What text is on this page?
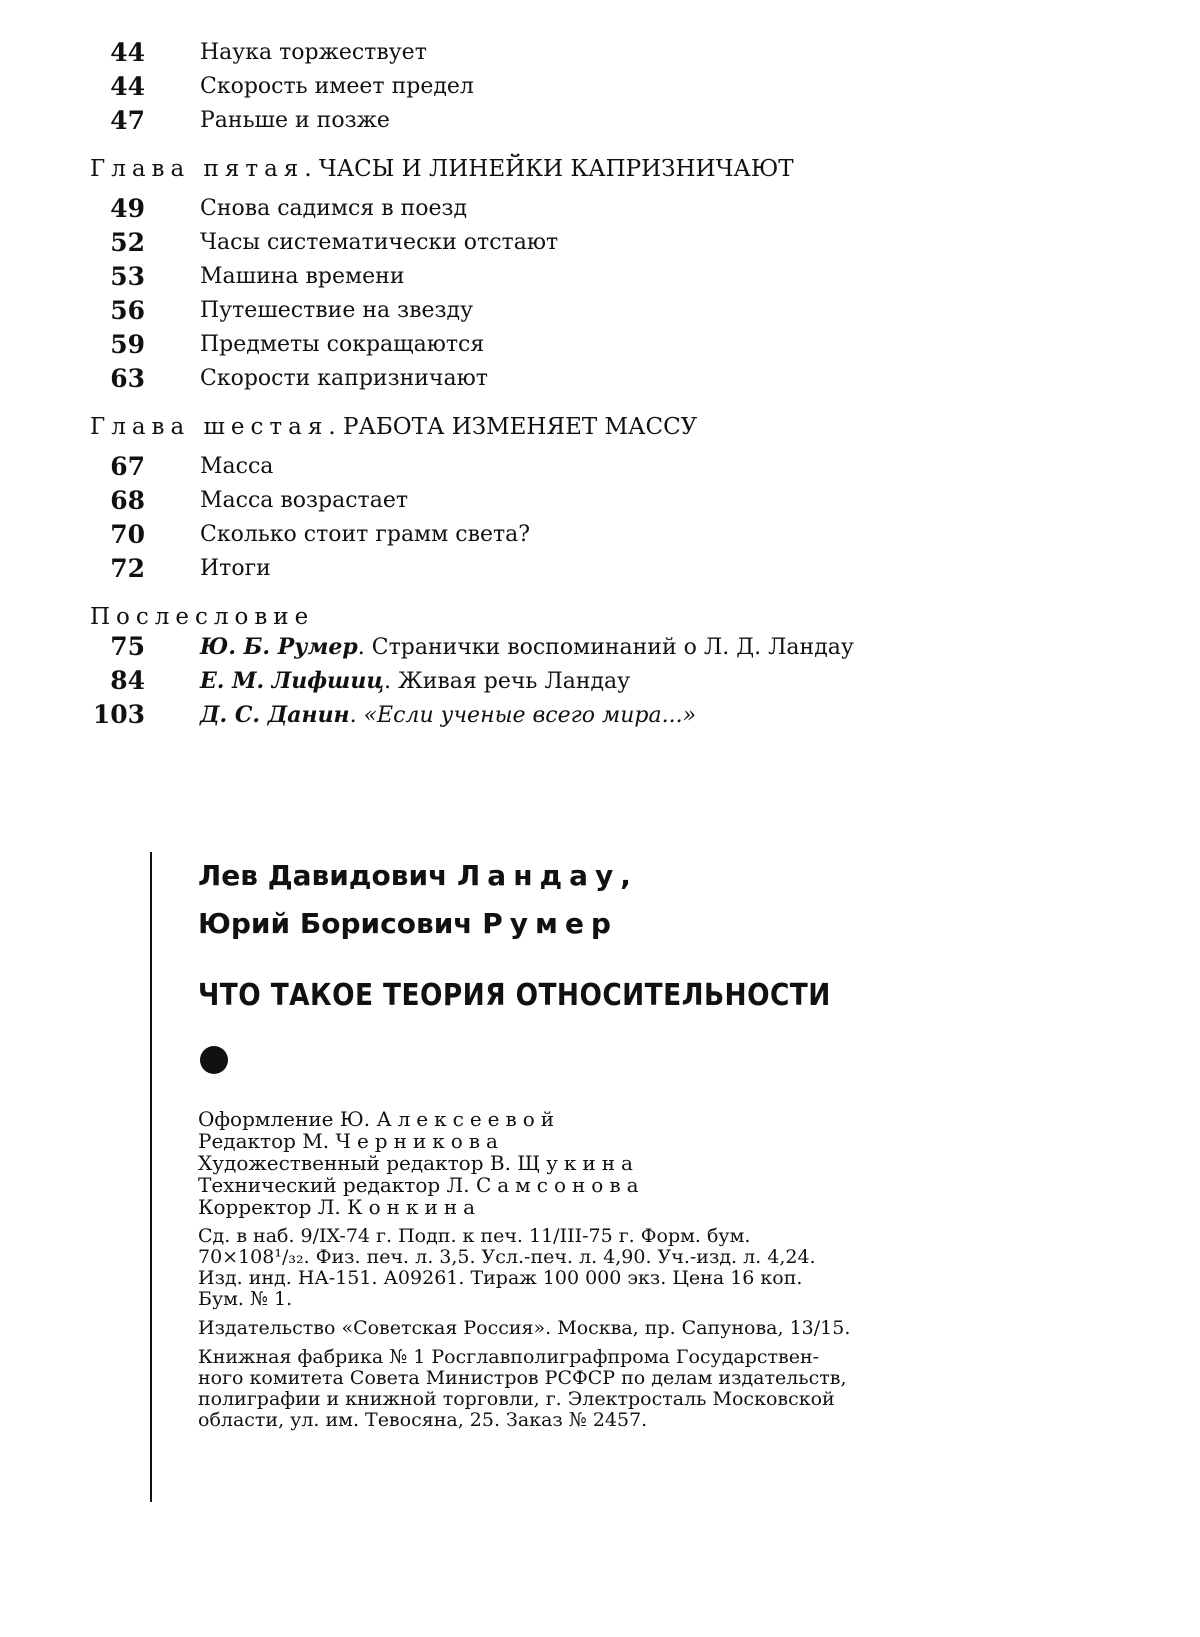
44	Наука торжествует
44	Скорость имеет предел
47	Раньше и позже
Глава пятая. ЧАСЫ И ЛИНЕЙКИ КАПРИЗНИЧАЮТ
49	Снова садимся в поезд
52	Часы систематически отстают
53	Машина времени
56	Путешествие на звезду
59	Предметы сокращаются
63	Скорости капризничают
Глава шестая. РАБОТА ИЗМЕНЯЕТ МАССУ
67	Масса
68	Масса возрастает
70	Сколько стоит грамм света?
72	Итоги
Послесловие
75	Ю. Б. Румер. Странички воспоминаний о Л. Д. Ландау
84	Е. М. Лифшиц. Живая речь Ландау
103	Д. С. Данин. «Если ученые всего мира...»
Лев Давидович Ландау,
Юрий Борисович Румер
ЧТО ТАКОЕ ТЕОРИЯ ОТНОСИТЕЛЬНОСТИ
Оформление Ю. Алексеевой
Редактор М. Черникова
Художественный редактор В. Щукина
Технический редактор Л. Самсонова
Корректор Л. Конкина
Сд. в наб. 9/IX-74 г. Подп. к печ. 11/III-75 г. Форм. бум.
70×108¹/₃₂. Физ. печ. л. 3,5. Усл.-печ. л. 4,90. Уч.-изд. л. 4,24.
Изд. инд. НА-151. А09261. Тираж 100 000 экз. Цена 16 коп.
Бум. № 1.
Издательство «Советская Россия». Москва, пр. Сапунова, 13/15.
Книжная фабрика № 1 Росглавполиграфпрома Государствен-
ного комитета Совета Министров РСФСР по делам издательств,
полиграфии и книжной торговли, г. Электросталь Московской
области, ул. им. Тевосяна, 25. Заказ № 2457.
